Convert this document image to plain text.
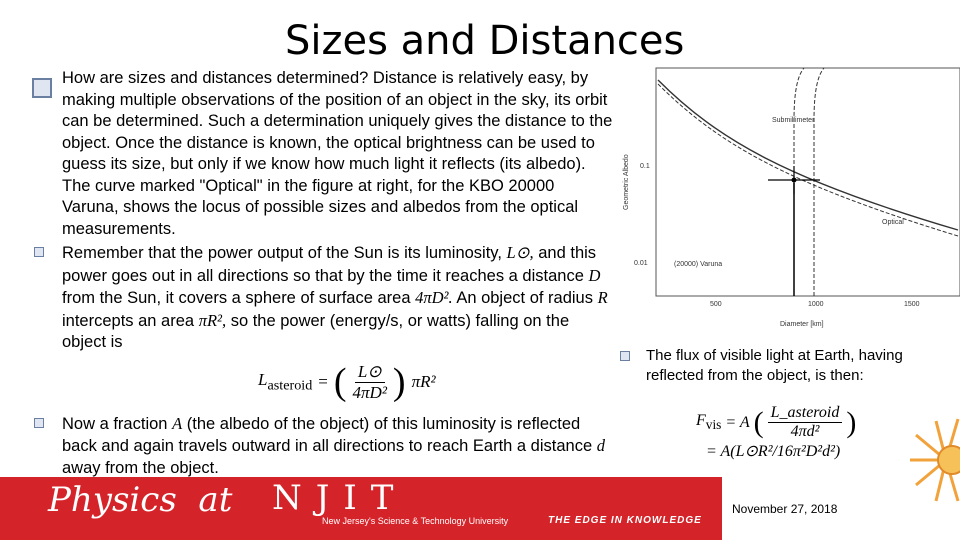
Sizes and Distances
How are sizes and distances determined? Distance is relatively easy, by making multiple observations of the position of an object in the sky, its orbit can be determined. Such a determination uniquely gives the distance to the object. Once the distance is known, the optical brightness can be used to guess its size, but only if we know how much light it reflects (its albedo). The curve marked "Optical" in the figure at right, for the KBO 20000 Varuna, shows the locus of possible sizes and albedos from the optical measurements.
Remember that the power output of the Sun is its luminosity, L⊙, and this power goes out in all directions so that by the time it reaches a distance D from the Sun, it covers a sphere of surface area 4πD². An object of radius R intercepts an area πR², so the power (energy/s, or watts) falling on the object is
$L_{asteroid}$ = ( $\frac{L⊙}{\text{4πD²}}$ ) πR²
Now a fraction A (the albedo of the object) of this luminosity is reflected back and again travels outward in all directions to reach Earth a distance d away from the object.
Geometric Albedo 0.1
0.01
500	1000	1500
Diameter [km]
Submillimeter
Optical
(20000) Varuna
The flux of visible light at Earth, having reflected from the object, is then:
$F_{vis} = A$ ( $\frac{\text{L\_asteroid}}{\text{4πd²}}$ )
= A(L⊙R²/16π²D²d²)
Physics at NJIT
New Jersey's Science & Technology University	THE EDGE IN KNOWLEDGE
November 27, 2018
